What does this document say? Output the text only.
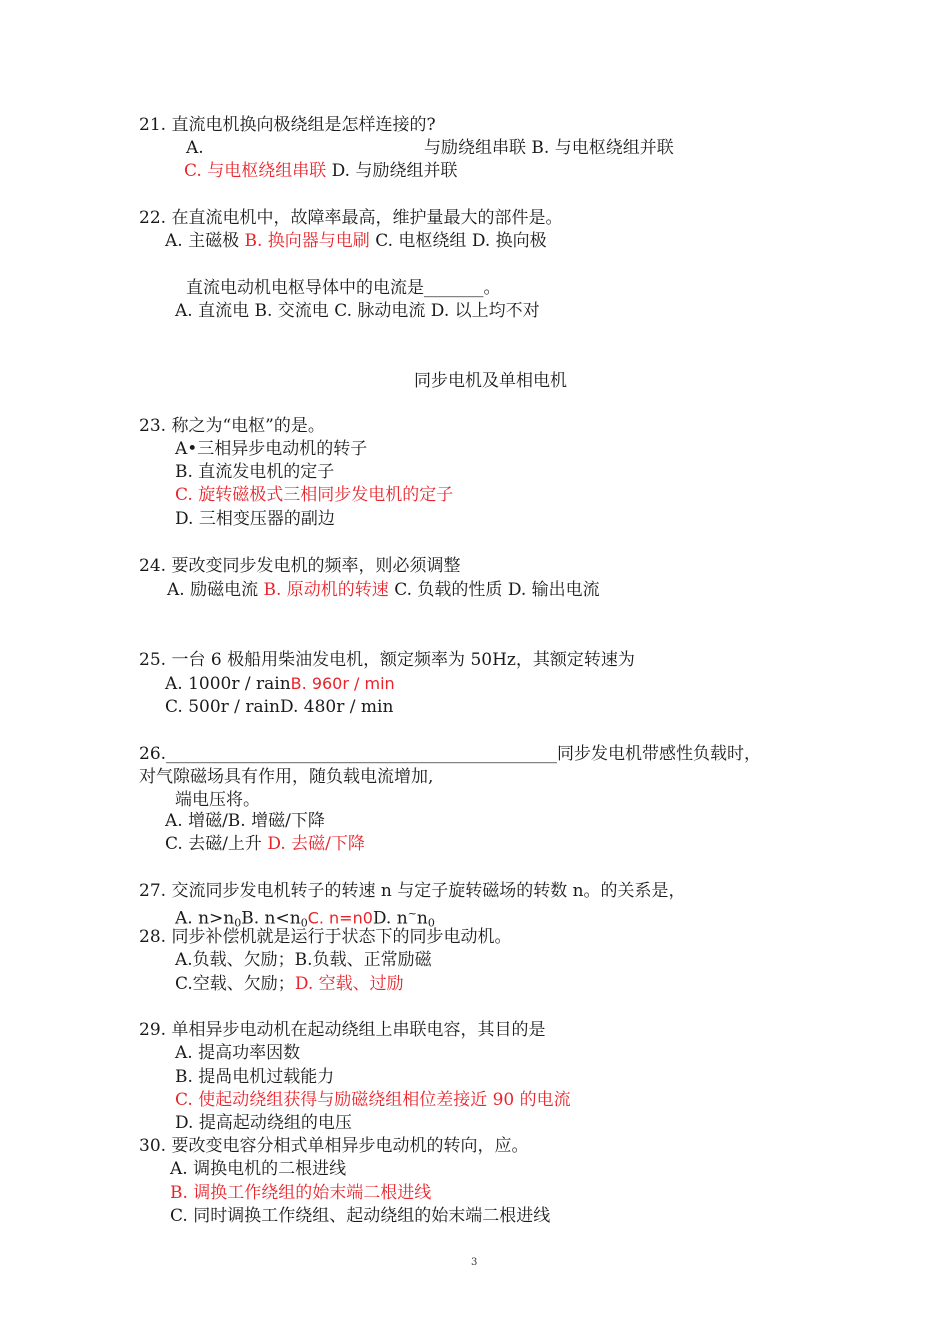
21. 直流电机换向极绕组是怎样连接的?
A.	与励绕组串联 B. 与电枢绕组并联
C. 与电枢绕组串联 D. 与励绕组并联
22. 在直流电机中，故障率最高，维护量最大的部件是。
A. 主磁极 B. 换向器与电刷 C. 电枢绕组 D. 换向极
直流电动机电枢导体中的电流是_______。
A. 直流电 B. 交流电 C. 脉动电流 D. 以上均不对
同步电机及单相电机
23. 称之为“电枢”的是。
A•三相异步电动机的转子
B. 直流发电机的定子
C. 旋转磁极式三相同步发电机的定子
D. 三相变压器的副边
24. 要改变同步发电机的频率，则必须调整
A. 励磁电流 B. 原动机的转速 C. 负载的性质 D. 输出电流
25. 一台 6 极船用柴油发电机，额定频率为 50Hz，其额定转速为
A. 1000r / rainB. 960r / min
C. 500r / rainD. 480r / min
26.______________________________________________同步发电机带感性负载时，
对气隙磁场具有作用，随负载电流增加,
端电压将。
A. 增磁/B. 增磁/下降
C. 去磁/上升 D. 去磁/下降
27. 交流同步发电机转子的转速 n 与定子旋转磁场的转数 n。的关系是，
A. $n>n_0B$. $n<n_0C$. n=n0D. $n^\sim n_0$
28. 同步补偿机就是运行于状态下的同步电动机。
A.负载、欠励；B.负载、正常励磁
C.空载、欠励；D. 空载、过励
29. 单相异步电动机在起动绕组上串联电容，其目的是
A. 提高功率因数
B. 提咼电机过载能力
C. 使起动绕组获得与励磁绕组相位差接近 90 的电流
D. 提高起动绕组的电压
30. 要改变电容分相式单相异步电动机的转向，应。
A. 调换电机的二根进线
B. 调换工作绕组的始末端二根进线
C. 同时调换工作绕组、起动绕组的始末端二根进线
3
